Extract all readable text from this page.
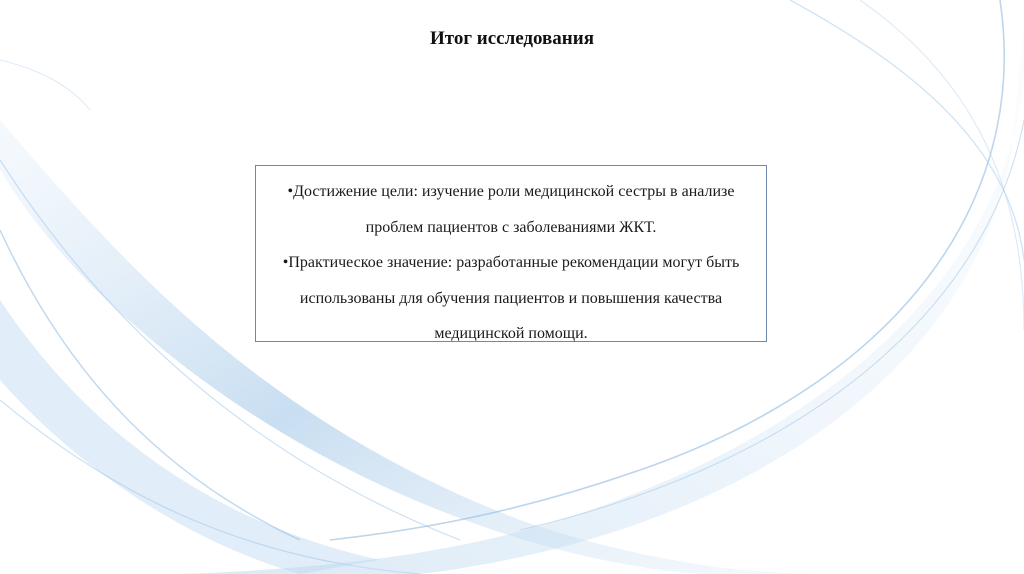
Итог исследования

•Достижение цели: изучение роли медицинской сестры в анализе проблем пациентов с заболеваниями ЖКТ.

•Практическое значение: разработанные рекомендации могут быть использованы для обучения пациентов и повышения качества медицинской помощи.
